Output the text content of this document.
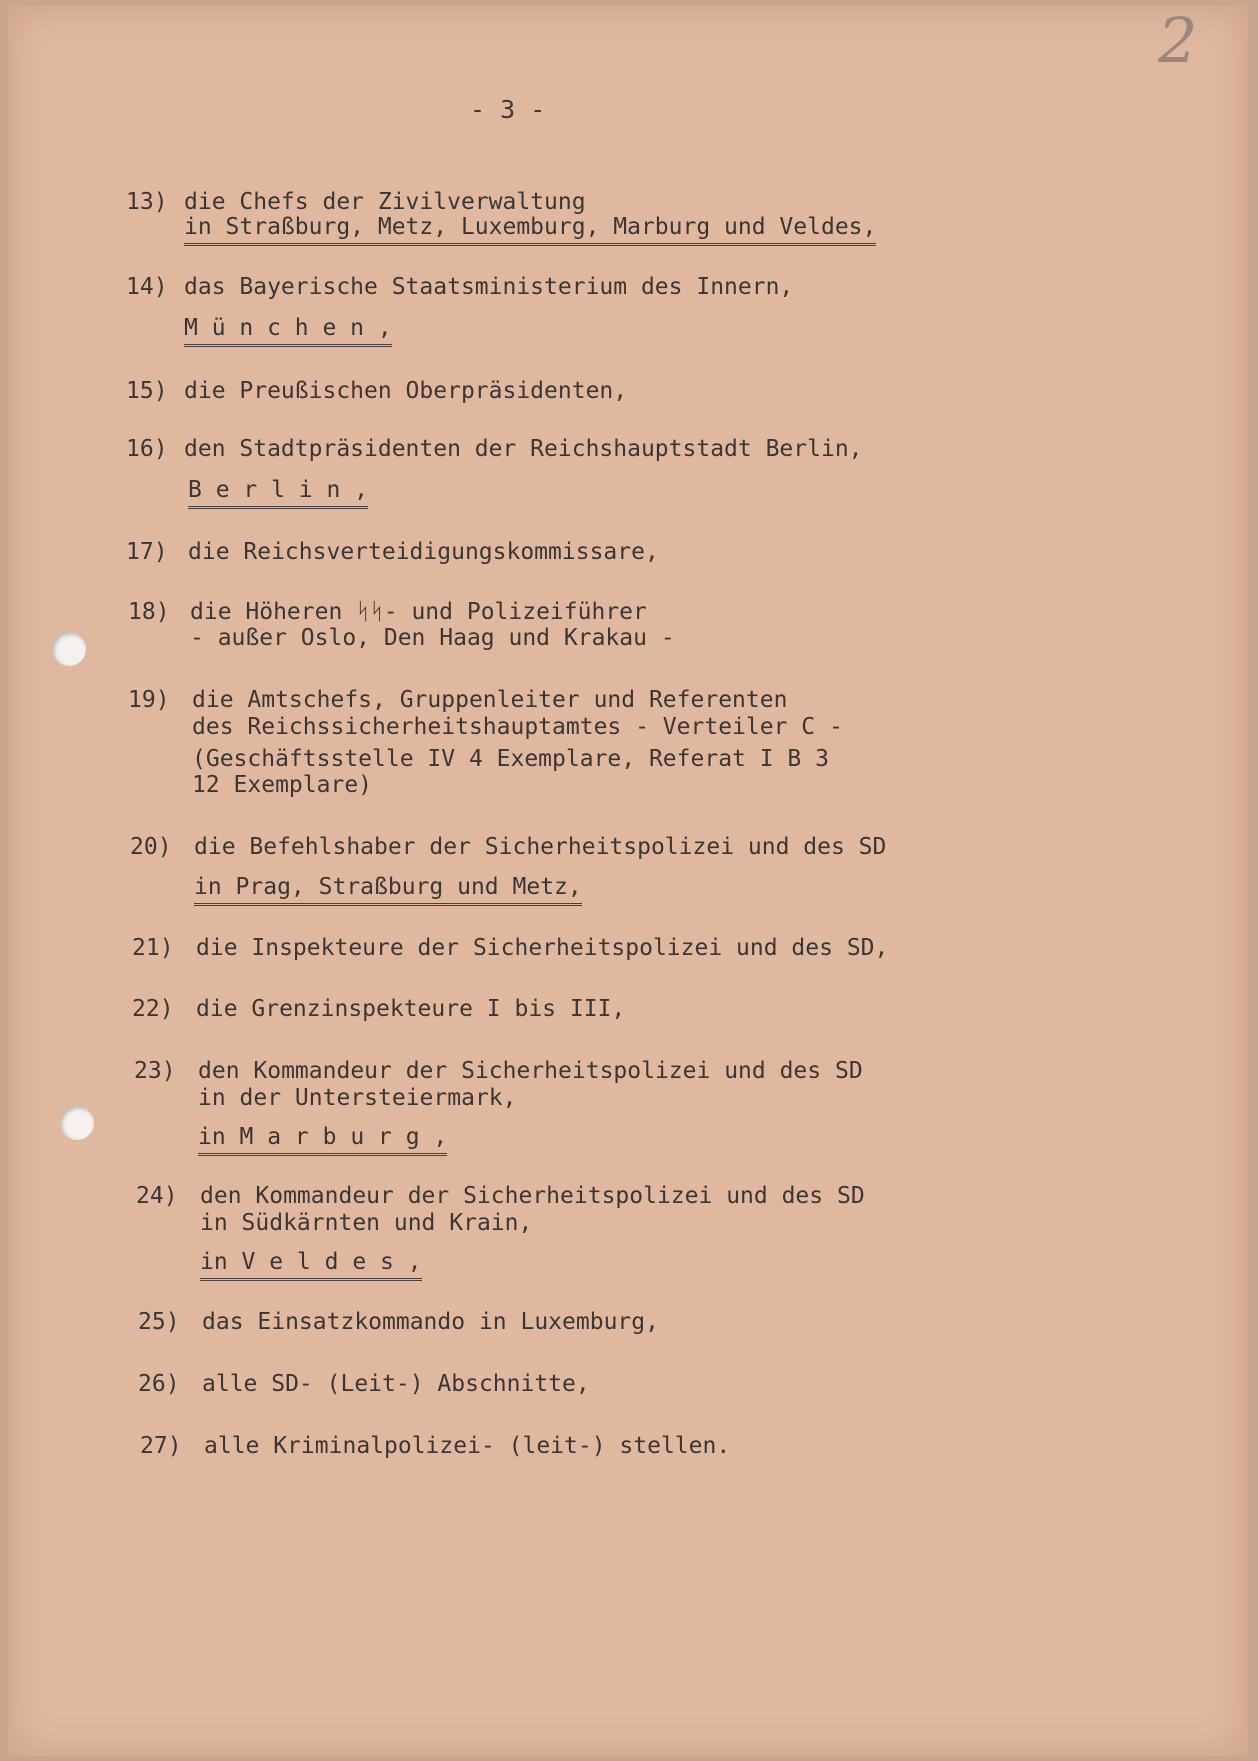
2
- 3 -

13)

die Chefs der Zivilverwaltung

in Straßburg, Metz, Luxemburg, Marburg und Veldes,

14)

das Bayerische Staatsministerium des Innern,

M ü n c h e n ,

15)

die Preußischen Oberpräsidenten,

16)

den Stadtpräsidenten der Reichshauptstadt Berlin,

B e r l i n ,

17)

die Reichsverteidigungskommissare,

18)

die Höheren ᛋᛋ- und Polizeiführer

- außer Oslo, Den Haag und Krakau -

19)

die Amtschefs, Gruppenleiter und Referenten

des Reichssicherheitshauptamtes - Verteiler C -

(Geschäftsstelle IV 4 Exemplare, Referat I B 3

12 Exemplare)

20)

die Befehlshaber der Sicherheitspolizei und des SD

in Prag, Straßburg und Metz,

21)

die Inspekteure der Sicherheitspolizei und des SD,

22)

die Grenzinspekteure I bis III,

23)

den Kommandeur der Sicherheitspolizei und des SD

in der Untersteiermark,

in M a r b u r g ,

24)

den Kommandeur der Sicherheitspolizei und des SD

in Südkärnten und Krain,

in V e l d e s ,

25)

das Einsatzkommando in Luxemburg,

26)

alle SD- (Leit-) Abschnitte,

27)

alle Kriminalpolizei- (leit-) stellen.
